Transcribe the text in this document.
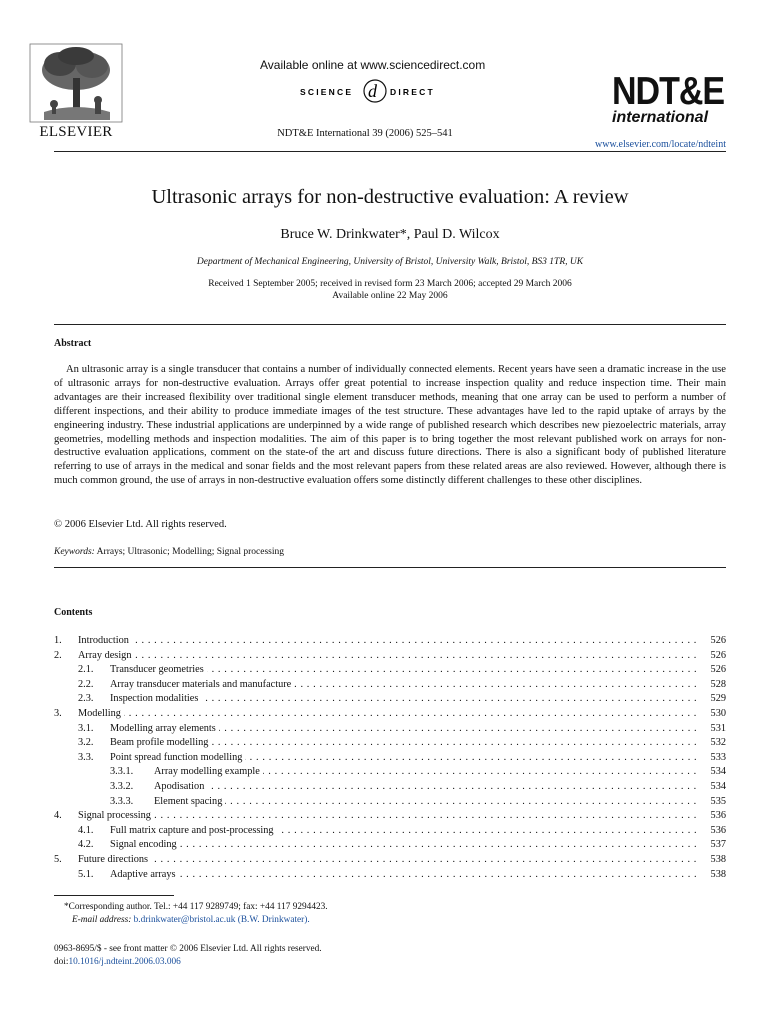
ELSEVIER
Available online at www.sciencedirect.com
SCIENCE d DIRECT
NDT&E International 39 (2006) 525–541
NDT&E
international
www.elsevier.com/locate/ndteint
Ultrasonic arrays for non-destructive evaluation: A review
Bruce W. Drinkwater*, Paul D. Wilcox
Department of Mechanical Engineering, University of Bristol, University Walk, Bristol, BS3 1TR, UK
Received 1 September 2005; received in revised form 23 March 2006; accepted 29 March 2006
Available online 22 May 2006
Abstract
An ultrasonic array is a single transducer that contains a number of individually connected elements. Recent years have seen a dramatic increase in the use of ultrasonic arrays for non-destructive evaluation. Arrays offer great potential to increase inspection quality and reduce inspection time. Their main advantages are their increased flexibility over traditional single element transducer methods, meaning that one array can be used to perform a number of different inspections, and their ability to produce immediate images of the test structure. These advantages have led to the rapid uptake of arrays by the engineering industry. These industrial applications are underpinned by a wide range of published research which describes new piezoelectric materials, array geometries, modelling methods and inspection modalities. The aim of this paper is to bring together the most relevant published work on arrays for non-destructive evaluation applications, comment on the state-of the art and discuss future directions. There is also a significant body of published literature referring to use of arrays in the medical and sonar fields and the most relevant papers from these related areas are also reviewed. However, although there is much common ground, the use of arrays in non-destructive evaluation offers some distinctly different challenges to these other disciplines.
© 2006 Elsevier Ltd. All rights reserved.
Keywords: Arrays; Ultrasonic; Modelling; Signal processing
Contents
1. Introduction . . .	526
2. Array design . . .	526
2.1. Transducer geometries . . .	526
2.2. Array transducer materials and manufacture . . .	528
2.3. Inspection modalities . . .	529
3. Modelling . . .	530
3.1. Modelling array elements . . .	531
3.2. Beam profile modelling . . .	532
3.3. Point spread function modelling . . .	533
3.3.1. Array modelling example . . .	534
3.3.2. Apodisation . . .	534
3.3.3. Element spacing . . .	535
4. Signal processing . . .	536
4.1. Full matrix capture and post-processing . . .	536
4.2. Signal encoding . . .	537
5. Future directions . . .	538
5.1. Adaptive arrays . . .	538
*Corresponding author. Tel.: +44 117 9289749; fax: +44 117 9294423.
E-mail address: b.drinkwater@bristol.ac.uk (B.W. Drinkwater).
0963-8695/$ - see front matter © 2006 Elsevier Ltd. All rights reserved.
doi:10.1016/j.ndteint.2006.03.006
